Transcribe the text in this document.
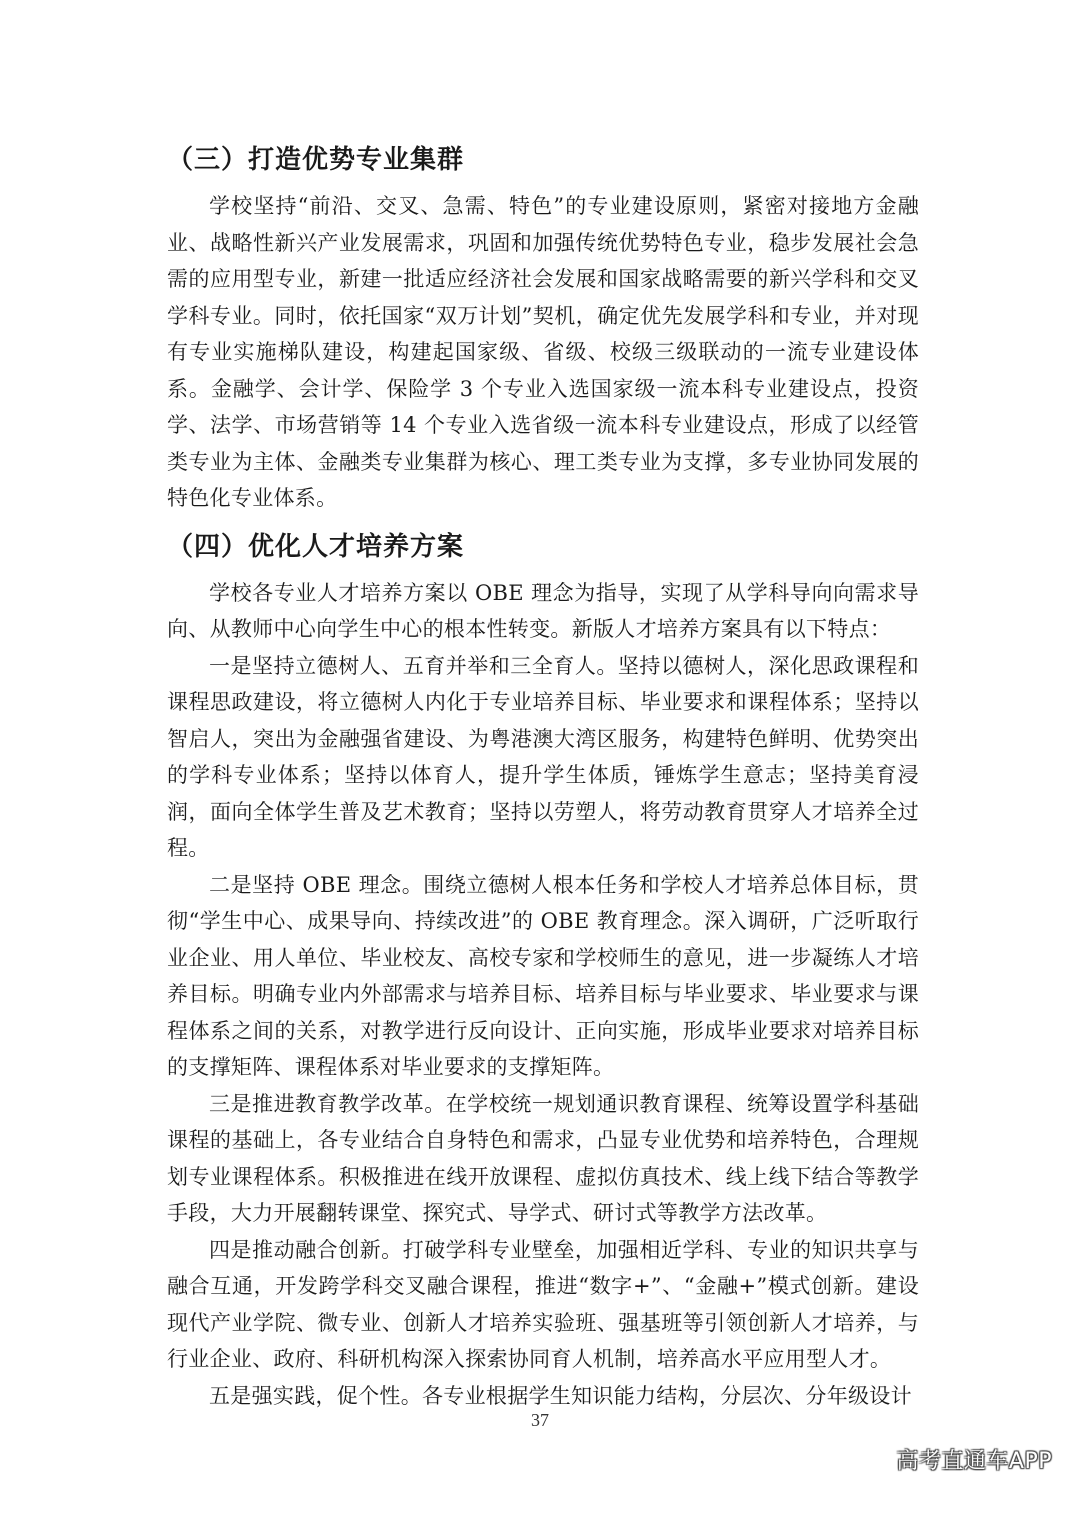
（三）打造优势专业集群

学校坚持“前沿、交叉、急需、特色”的专业建设原则，紧密对接地方金融业、战略性新兴产业发展需求，巩固和加强传统优势特色专业，稳步发展社会急需的应用型专业，新建一批适应经济社会发展和国家战略需要的新兴学科和交叉学科专业。同时，依托国家“双万计划”契机，确定优先发展学科和专业，并对现有专业实施梯队建设，构建起国家级、省级、校级三级联动的一流专业建设体系。金融学、会计学、保险学 3 个专业入选国家级一流本科专业建设点，投资学、法学、市场营销等 14 个专业入选省级一流本科专业建设点，形成了以经管类专业为主体、金融类专业集群为核心、理工类专业为支撑，多专业协同发展的特色化专业体系。

（四）优化人才培养方案

学校各专业人才培养方案以 OBE 理念为指导，实现了从学科导向向需求导向、从教师中心向学生中心的根本性转变。新版人才培养方案具有以下特点：

一是坚持立德树人、五育并举和三全育人。坚持以德树人，深化思政课程和课程思政建设，将立德树人内化于专业培养目标、毕业要求和课程体系；坚持以智启人，突出为金融强省建设、为粤港澳大湾区服务，构建特色鲜明、优势突出的学科专业体系；坚持以体育人，提升学生体质，锤炼学生意志；坚持美育浸润，面向全体学生普及艺术教育；坚持以劳塑人，将劳动教育贯穿人才培养全过程。

二是坚持 OBE 理念。围绕立德树人根本任务和学校人才培养总体目标，贯彻“学生中心、成果导向、持续改进”的 OBE 教育理念。深入调研，广泛听取行业企业、用人单位、毕业校友、高校专家和学校师生的意见，进一步凝练人才培养目标。明确专业内外部需求与培养目标、培养目标与毕业要求、毕业要求与课程体系之间的关系，对教学进行反向设计、正向实施，形成毕业要求对培养目标的支撑矩阵、课程体系对毕业要求的支撑矩阵。

三是推进教育教学改革。在学校统一规划通识教育课程、统筹设置学科基础课程的基础上，各专业结合自身特色和需求，凸显专业优势和培养特色，合理规划专业课程体系。积极推进在线开放课程、虚拟仿真技术、线上线下结合等教学手段，大力开展翻转课堂、探究式、导学式、研讨式等教学方法改革。

四是推动融合创新。打破学科专业壁垒，加强相近学科、专业的知识共享与融合互通，开发跨学科交叉融合课程，推进“数字+”、“金融+”模式创新。建设现代产业学院、微专业、创新人才培养实验班、强基班等引领创新人才培养，与行业企业、政府、科研机构深入探索协同育人机制，培养高水平应用型人才。

五是强实践，促个性。各专业根据学生知识能力结构，分层次、分年级设计

37
高考直通车APP
